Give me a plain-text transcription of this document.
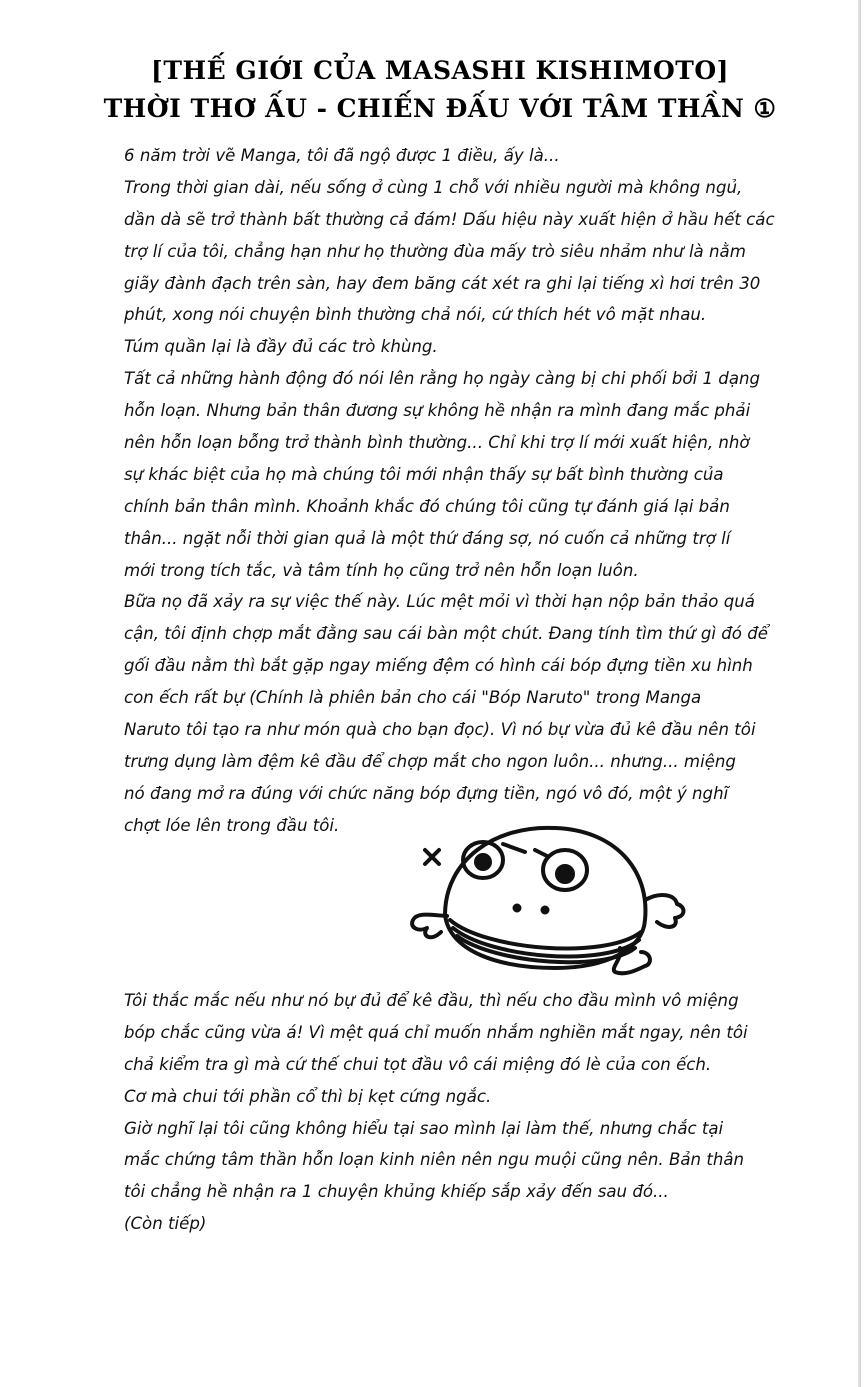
[THẾ GIỚI CỦA MASASHI KISHIMOTO]
THỜI THƠ ẤU - CHIẾN ĐẤU VỚI TÂM THẦN ①
6 năm trời vẽ Manga, tôi đã ngộ được 1 điều, ấy là...
Trong thời gian dài, nếu sống ở cùng 1 chỗ với nhiều người mà không ngủ,
dần dà sẽ trở thành bất thường cả đám! Dấu hiệu này xuất hiện ở hầu hết các
trợ lí của tôi, chẳng hạn như họ thường đùa mấy trò siêu nhảm như là nằm
giãy đành đạch trên sàn, hay đem băng cát xét ra ghi lại tiếng xì hơi trên 30
phút, xong nói chuyện bình thường chả nói, cứ thích hét vô mặt nhau.
Túm quần lại là đầy đủ các trò khùng.
Tất cả những hành động đó nói lên rằng họ ngày càng bị chi phối bởi 1 dạng
hỗn loạn. Nhưng bản thân đương sự không hề nhận ra mình đang mắc phải
nên hỗn loạn bỗng trở thành bình thường... Chỉ khi trợ lí mới xuất hiện, nhờ
sự khác biệt của họ mà chúng tôi mới nhận thấy sự bất bình thường của
chính bản thân mình. Khoảnh khắc đó chúng tôi cũng tự đánh giá lại bản
thân... ngặt nỗi thời gian quả là một thứ đáng sợ, nó cuốn cả những trợ lí
mới trong tích tắc, và tâm tính họ cũng trở nên hỗn loạn luôn.
Bữa nọ đã xảy ra sự việc thế này. Lúc mệt mỏi vì thời hạn nộp bản thảo quá
cận, tôi định chợp mắt đằng sau cái bàn một chút. Đang tính tìm thứ gì đó để
gối đầu nằm thì bắt gặp ngay miếng đệm có hình cái bóp đựng tiền xu hình
con ếch rất bự (Chính là phiên bản cho cái "Bóp Naruto" trong Manga
Naruto tôi tạo ra như món quà cho bạn đọc). Vì nó bự vừa đủ kê đầu nên tôi
trưng dụng làm đệm kê đầu để chợp mắt cho ngon luôn... nhưng... miệng
nó đang mở ra đúng với chức năng bóp đựng tiền, ngó vô đó, một ý nghĩ
chợt lóe lên trong đầu tôi.
Tôi thắc mắc nếu như nó bự đủ để kê đầu, thì nếu cho đầu mình vô miệng
bóp chắc cũng vừa á! Vì mệt quá chỉ muốn nhắm nghiền mắt ngay, nên tôi
chả kiểm tra gì mà cứ thế chui tọt đầu vô cái miệng đó lè của con ếch.
Cơ mà chui tới phần cổ thì bị kẹt cứng ngắc.
Giờ nghĩ lại tôi cũng không hiểu tại sao mình lại làm thế, nhưng chắc tại
mắc chứng tâm thần hỗn loạn kinh niên nên ngu muội cũng nên. Bản thân
tôi chẳng hề nhận ra 1 chuyện khủng khiếp sắp xảy đến sau đó...
(Còn tiếp)
